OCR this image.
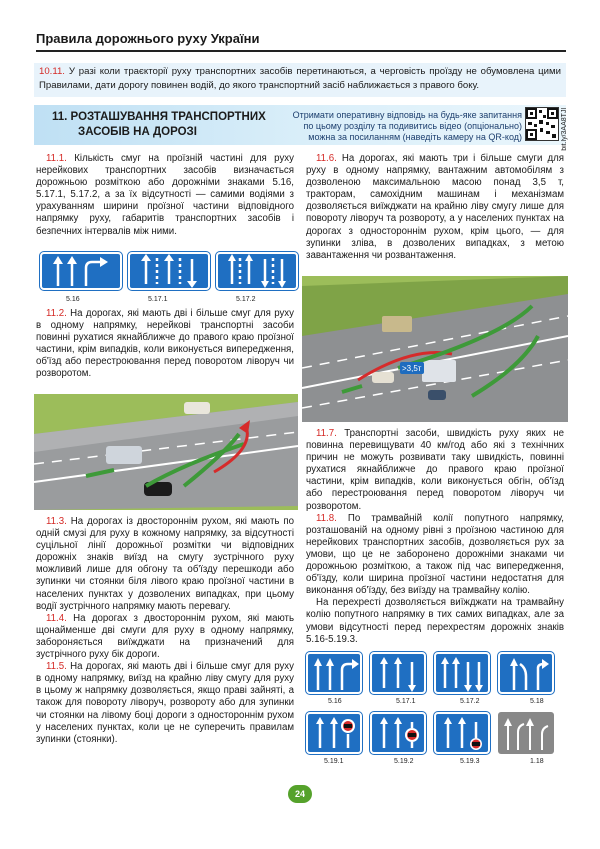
Правила дорожнього руху України
10.11. У разі коли траєкторії руху транспортних засобів перетинаються, а черговість проїзду не обумовлена цими Правилами, дати дорогу повинен водій, до якого транспортний засіб наближається з правого боку.
11. РОЗТАШУВАННЯ ТРАНСПОРТНИХ
ЗАСОБІВ НА ДОРОЗІ
Отримати оперативну відповідь на будь-яке запитання по цьому розділу та подивитись відео (опціонально) можна за посиланням (наведіть камеру на QR-код)	bit.ly/3AA8TJl

11.1. Кількість смуг на проїзній частині для руху нерейкових транспортних засобів визначається дорожньою розміткою або дорожніми знаками 5.16, 5.17.1, 5.17.2, а за їх відсутності — самими водіями з урахуванням ширини проїзної частини відповідного напрямку руху, габаритів транспортних засобів і безпечних інтервалів між ними.

5.16	5.17.1	5.17.2

11.2. На дорогах, які мають дві і більше смуг для руху в одному напрямку, нерейкові транспортні засоби повинні рухатися якнайближче до правого краю проїзної частини, крім випадків, коли виконується випередження, об'їзд або перестроювання перед поворотом ліворуч чи розворотом.

11.3. На дорогах із двостороннім рухом, які мають по одній смузі для руху в кожному напрямку, за відсутності суцільної лінії дорожньої розмітки чи відповідних дорожніх знаків виїзд на смугу зустрічного руху можливий лише для обгону та об'їзду перешкоди або зупинки чи стоянки біля лівого краю проїзної частини в населених пунктах у дозволених випадках, при цьому водії зустрічного напрямку мають перевагу.

11.4. На дорогах з двостороннім рухом, які мають щонайменше дві смуги для руху в одному напрямку, забороняється виїжджати на призначений для зустрічного руху бік дороги.

11.5. На дорогах, які мають дві і більше смуг для руху в одному напрямку, виїзд на крайню ліву смугу для руху в цьому ж напрямку дозволяється, якщо праві зайняті, а також для повороту ліворуч, розвороту або для зупинки чи стоянки на лівому боці дороги з одностороннім рухом у населених пунктах, коли це не суперечить правилам зупинки (стоянки).

11.6. На дорогах, які мають три і більше смуги для руху в одному напрямку, вантажним автомобілям з дозволеною максимальною масою понад 3,5 т, тракторам, самохідним машинам і механізмам дозволяється виїжджати на крайню ліву смугу лише для повороту ліворуч та розвороту, а у населених пунктах на дорогах з одностороннім рухом, крім цього, — для зупинки зліва, в дозволених випадках, з метою завантаження чи розвантаження.

>3,5т

11.7. Транспортні засоби, швидкість руху яких не повинна перевищувати 40 км/год або які з технічних причин не можуть розвивати таку швидкість, повинні рухатися якнайближче до правого краю проїзної частини, крім випадків, коли виконується обгін, об'їзд або перестроювання перед поворотом ліворуч чи розворотом.

11.8. По трамвайній колії попутного напрямку, розташованій на одному рівні з проїзною частиною для нерейкових транспортних засобів, дозволяється рух за умови, що це не заборонено дорожніми знаками чи дорожньою розміткою, а також під час випередження, об'їзду, коли ширина проїзної частини недостатня для виконання об'їзду, без виїзду на трамвайну колію.

На перехресті дозволяється виїжджати на трамвайну колію попутного напрямку в тих самих випадках, але за умови відсутності перед перехрестям дорожніх знаків 5.16-5.19.3.

5.16	5.17.1	5.17.2	5.18
5.19.1	5.19.2	5.19.3	1.18
24
